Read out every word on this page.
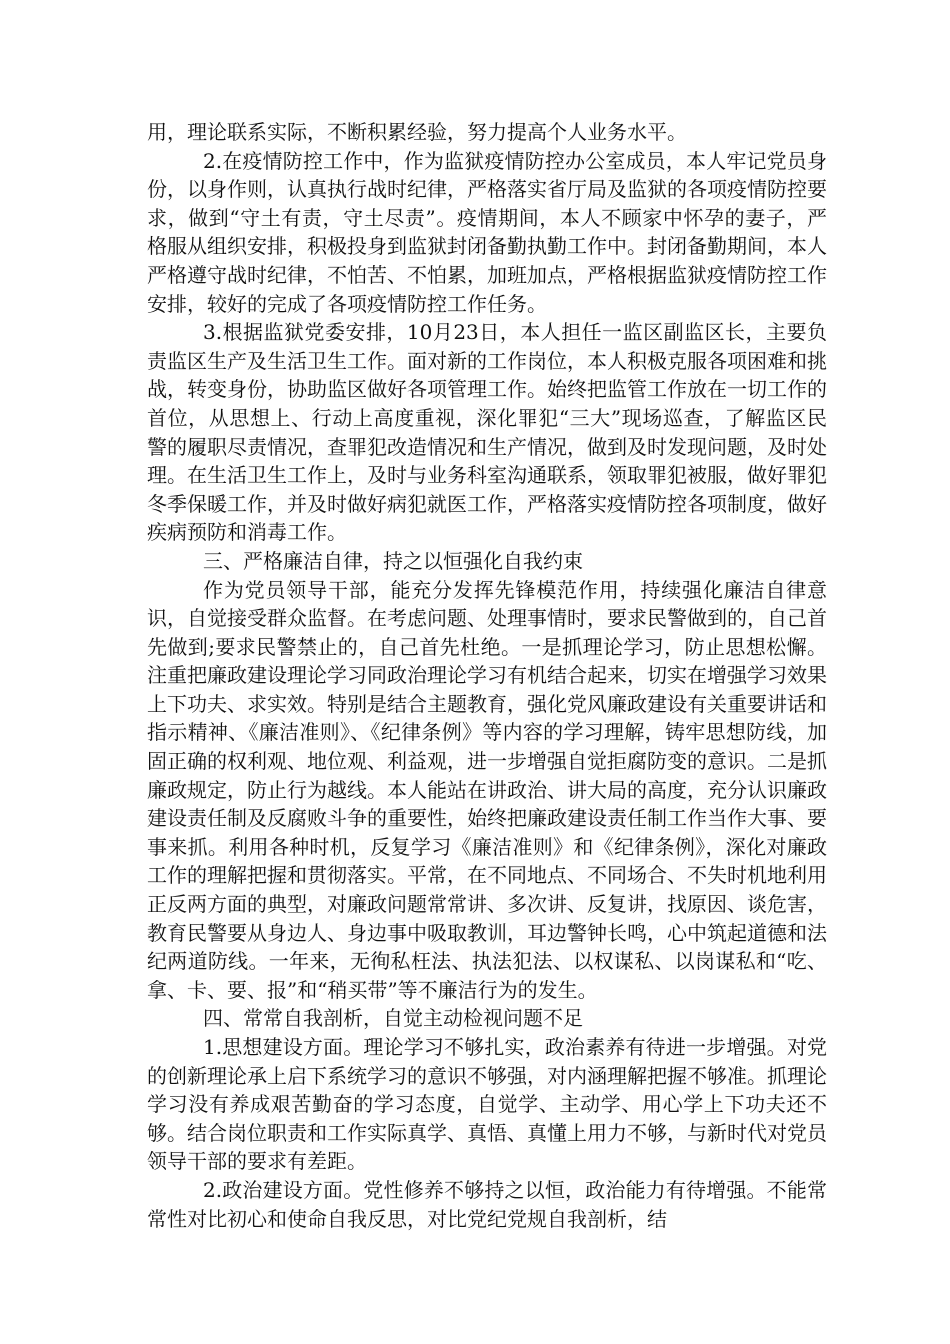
用，理论联系实际，不断积累经验，努力提高个人业务水平。

2.在疫情防控工作中，作为监狱疫情防控办公室成员，本人牢记党员身份，以身作则，认真执行战时纪律，严格落实省厅局及监狱的各项疫情防控要求，做到“守土有责，守土尽责”。疫情期间，本人不顾家中怀孕的妻子，严格服从组织安排，积极投身到监狱封闭备勤执勤工作中。封闭备勤期间，本人严格遵守战时纪律，不怕苦、不怕累，加班加点，严格根据监狱疫情防控工作安排，较好的完成了各项疫情防控工作任务。

3.根据监狱党委安排，10月23日，本人担任一监区副监区长，主要负责监区生产及生活卫生工作。面对新的工作岗位，本人积极克服各项困难和挑战，转变身份，协助监区做好各项管理工作。始终把监管工作放在一切工作的首位，从思想上、行动上高度重视，深化罪犯“三大”现场巡查，了解监区民警的履职尽责情况，查罪犯改造情况和生产情况，做到及时发现问题，及时处理。在生活卫生工作上，及时与业务科室沟通联系，领取罪犯被服，做好罪犯冬季保暖工作，并及时做好病犯就医工作，严格落实疫情防控各项制度，做好疾病预防和消毒工作。

三、严格廉洁自律，持之以恒强化自我约束

作为党员领导干部，能充分发挥先锋模范作用，持续强化廉洁自律意识，自觉接受群众监督。在考虑问题、处理事情时，要求民警做到的，自己首先做到;要求民警禁止的，自己首先杜绝。一是抓理论学习，防止思想松懈。注重把廉政建设理论学习同政治理论学习有机结合起来，切实在增强学习效果上下功夫、求实效。特别是结合主题教育，强化党风廉政建设有关重要讲话和指示精神、《廉洁准则》、《纪律条例》等内容的学习理解，铸牢思想防线，加固正确的权利观、地位观、利益观，进一步增强自觉拒腐防变的意识。二是抓廉政规定，防止行为越线。本人能站在讲政治、讲大局的高度，充分认识廉政建设责任制及反腐败斗争的重要性，始终把廉政建设责任制工作当作大事、要事来抓。利用各种时机，反复学习《廉洁准则》和《纪律条例》，深化对廉政工作的理解把握和贯彻落实。平常，在不同地点、不同场合、不失时机地利用正反两方面的典型，对廉政问题常常讲、多次讲、反复讲，找原因、谈危害，教育民警要从身边人、身边事中吸取教训，耳边警钟长鸣，心中筑起道德和法纪两道防线。一年来，无徇私枉法、执法犯法、以权谋私、以岗谋私和“吃、拿、卡、要、报”和“稍买带”等不廉洁行为的发生。

四、常常自我剖析，自觉主动检视问题不足

1.思想建设方面。理论学习不够扎实，政治素养有待进一步增强。对党的创新理论承上启下系统学习的意识不够强，对内涵理解把握不够准。抓理论学习没有养成艰苦勤奋的学习态度，自觉学、主动学、用心学上下功夫还不够。结合岗位职责和工作实际真学、真悟、真懂上用力不够，与新时代对党员领导干部的要求有差距。

2.政治建设方面。党性修养不够持之以恒，政治能力有待增强。不能常常性对比初心和使命自我反思，对比党纪党规自我剖析，结
